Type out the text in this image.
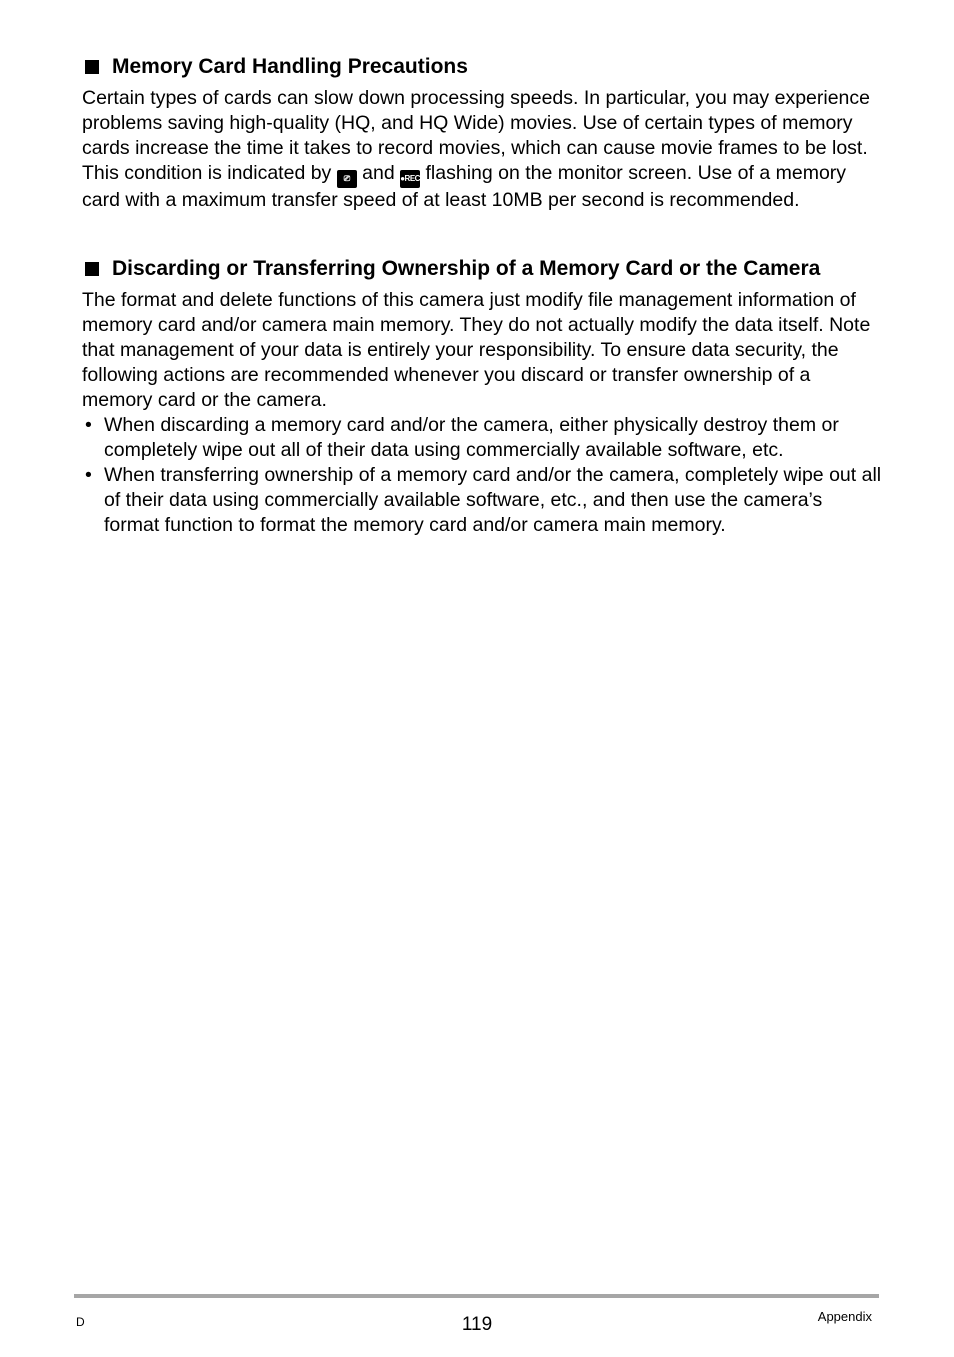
Memory Card Handling Precautions

Certain types of cards can slow down processing speeds. In particular, you may experience problems saving high-quality (HQ, and HQ Wide) movies. Use of certain types of memory cards increase the time it takes to record movies, which can cause movie frames to be lost. This condition is indicated by ⎚ and ●REC flashing on the monitor screen. Use of a memory card with a maximum transfer speed of at least 10MB per second is recommended.

Discarding or Transferring Ownership of a Memory Card or the Camera

The format and delete functions of this camera just modify file management information of memory card and/or camera main memory. They do not actually modify the data itself. Note that management of your data is entirely your responsibility. To ensure data security, the following actions are recommended whenever you discard or transfer ownership of a memory card or the camera.

• When discarding a memory card and/or the camera, either physically destroy them or completely wipe out all of their data using commercially available software, etc.
• When transferring ownership of a memory card and/or the camera, completely wipe out all of their data using commercially available software, etc., and then use the camera’s format function to format the memory card and/or camera main memory.
D	119	Appendix
